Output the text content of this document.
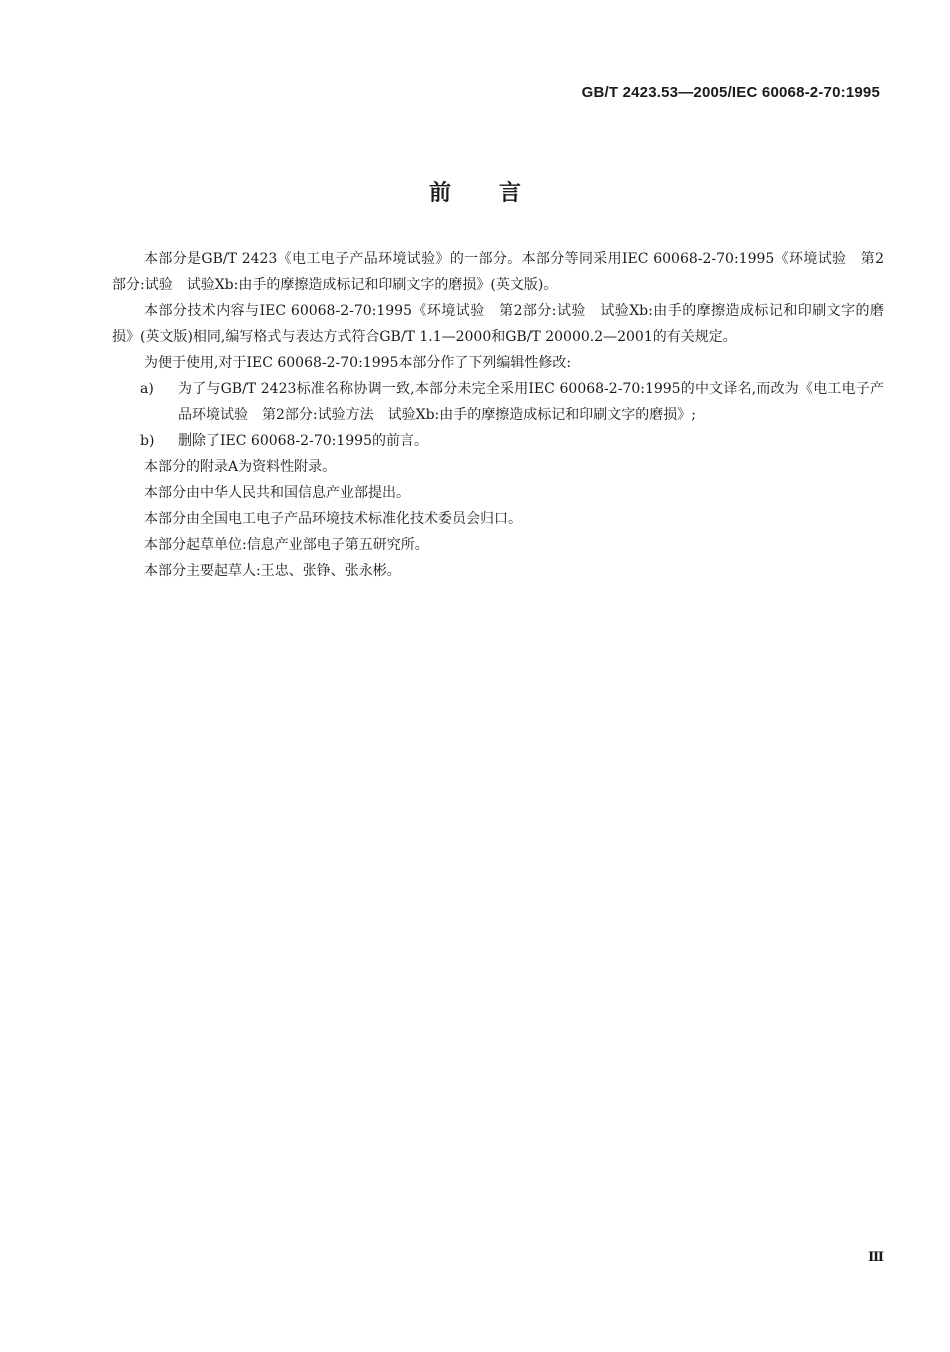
GB/T 2423.53—2005/IEC 60068-2-70:1995
前言

本部分是GB/T 2423《电工电子产品环境试验》的一部分。本部分等同采用IEC 60068-2-70:1995《环境试验　第2部分:试验　试验Xb:由手的摩擦造成标记和印刷文字的磨损》(英文版)。

本部分技术内容与IEC 60068-2-70:1995《环境试验　第2部分:试验　试验Xb:由手的摩擦造成标记和印刷文字的磨损》(英文版)相同,编写格式与表达方式符合GB/T 1.1—2000和GB/T 20000.2—2001的有关规定。

为便于使用,对于IEC 60068-2-70:1995本部分作了下列编辑性修改:

a)	为了与GB/T 2423标准名称协调一致,本部分未完全采用IEC 60068-2-70:1995的中文译名,而改为《电工电子产品环境试验　第2部分:试验方法　试验Xb:由手的摩擦造成标记和印刷文字的磨损》;
b)	删除了IEC 60068-2-70:1995的前言。

本部分的附录A为资料性附录。

本部分由中华人民共和国信息产业部提出。

本部分由全国电工电子产品环境技术标准化技术委员会归口。

本部分起草单位:信息产业部电子第五研究所。

本部分主要起草人:王忠、张铮、张永彬。

Ⅲ
